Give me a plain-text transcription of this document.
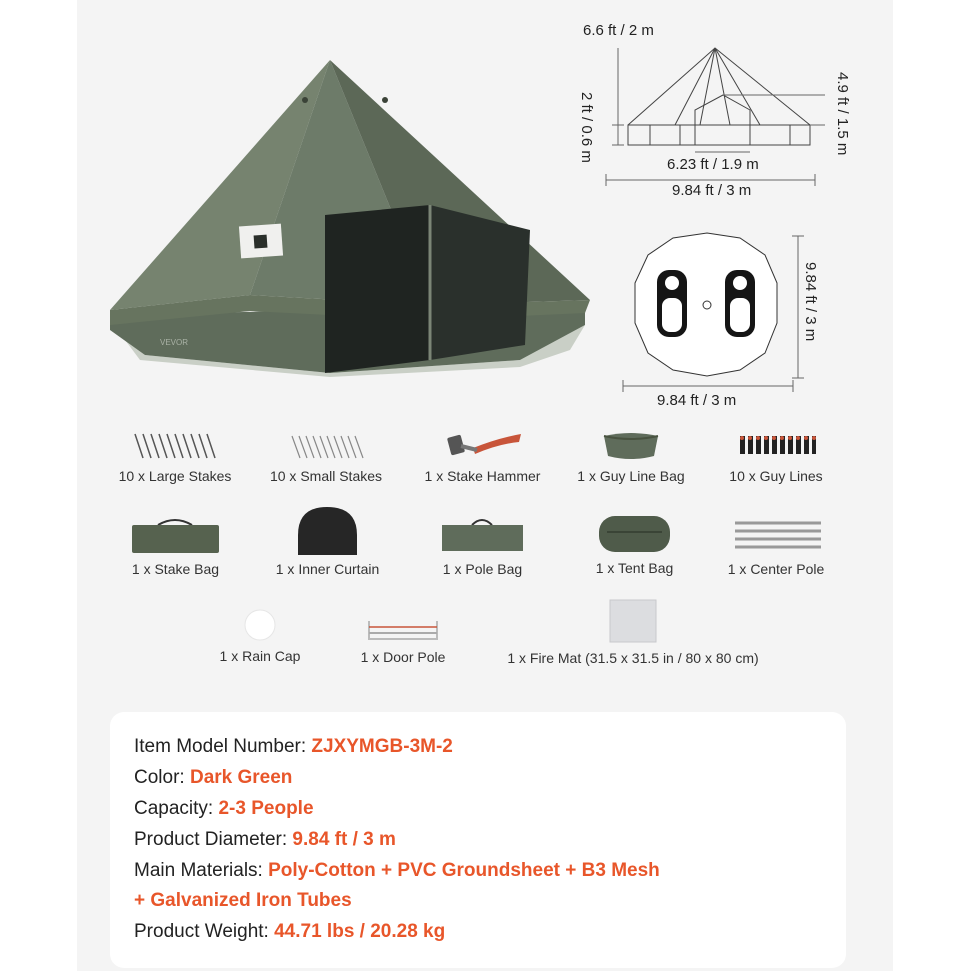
VEVOR
6.6 ft / 2 m
2 ft / 0.6 m	4.9 ft / 1.5 m
6.23 ft / 1.9 m
9.84 ft / 3 m
9.84 ft / 3 m
9.84 ft / 3 m
10 x Large Stakes	10 x Small Stakes	1 x Stake Hammer	1 x Guy Line Bag	10 x Guy Lines
1 x Stake Bag	1 x Inner Curtain	1 x Pole Bag	1 x Tent Bag	1 x Center Pole
1 x Rain Cap	1 x Door Pole	1 x Fire Mat (31.5 x 31.5 in / 80 x 80 cm)
Item Model Number: ZJXYMGB-3M-2
Color: Dark Green
Capacity: 2-3 People
Product Diameter: 9.84 ft / 3 m
Main Materials: Poly-Cotton + PVC Groundsheet + B3 Mesh
+ Galvanized Iron Tubes
Product Weight: 44.71 lbs / 20.28 kg
